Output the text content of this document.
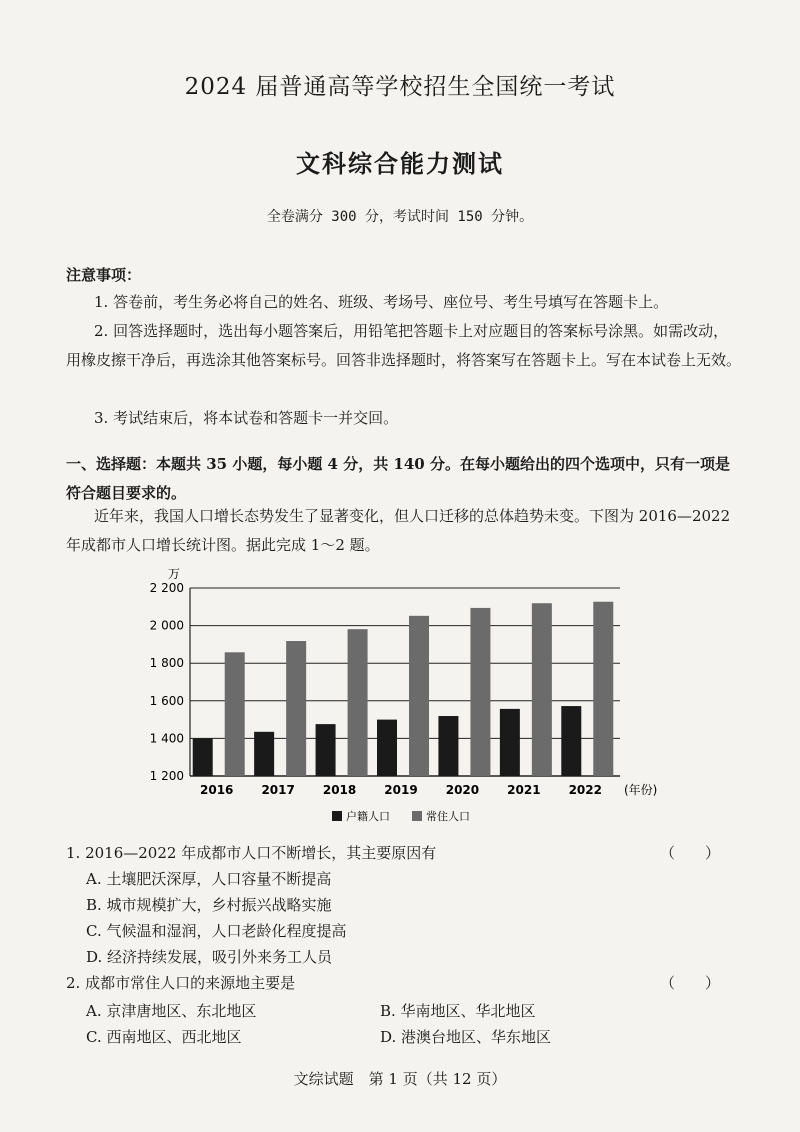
2024 届普通高等学校招生全国统一考试
文科综合能力测试
全卷满分 300 分，考试时间 150 分钟。
注意事项：
1. 答卷前，考生务必将自己的姓名、班级、考场号、座位号、考生号填写在答题卡上。
2. 回答选择题时，选出每小题答案后，用铅笔把答题卡上对应题目的答案标号涂黑。如需改动，用橡皮擦干净后，再选涂其他答案标号。回答非选择题时，将答案写在答题卡上。写在本试卷上无效。
3. 考试结束后，将本试卷和答题卡一并交回。
一、选择题：本题共 35 小题，每小题 4 分，共 140 分。在每小题给出的四个选项中，只有一项是符合题目要求的。
近年来，我国人口增长态势发生了显著变化，但人口迁移的总体趋势未变。下图为 2016—2022 年成都市人口增长统计图。据此完成 1～2 题。
万
1 200
1 400
1 600
1 800
2 000
2 200
2016 2017 2018 2019 2020 2021 2022 (年份)
户籍人口	常住人口
1. 2016—2022 年成都市人口不断增长，其主要原因有	（　　）
A. 土壤肥沃深厚，人口容量不断提高
B. 城市规模扩大，乡村振兴战略实施
C. 气候温和湿润，人口老龄化程度提高
D. 经济持续发展，吸引外来务工人员
2. 成都市常住人口的来源地主要是	（　　）
A. 京津唐地区、东北地区	B. 华南地区、华北地区
C. 西南地区、西北地区	D. 港澳台地区、华东地区
文综试题　第 1 页（共 12 页）
